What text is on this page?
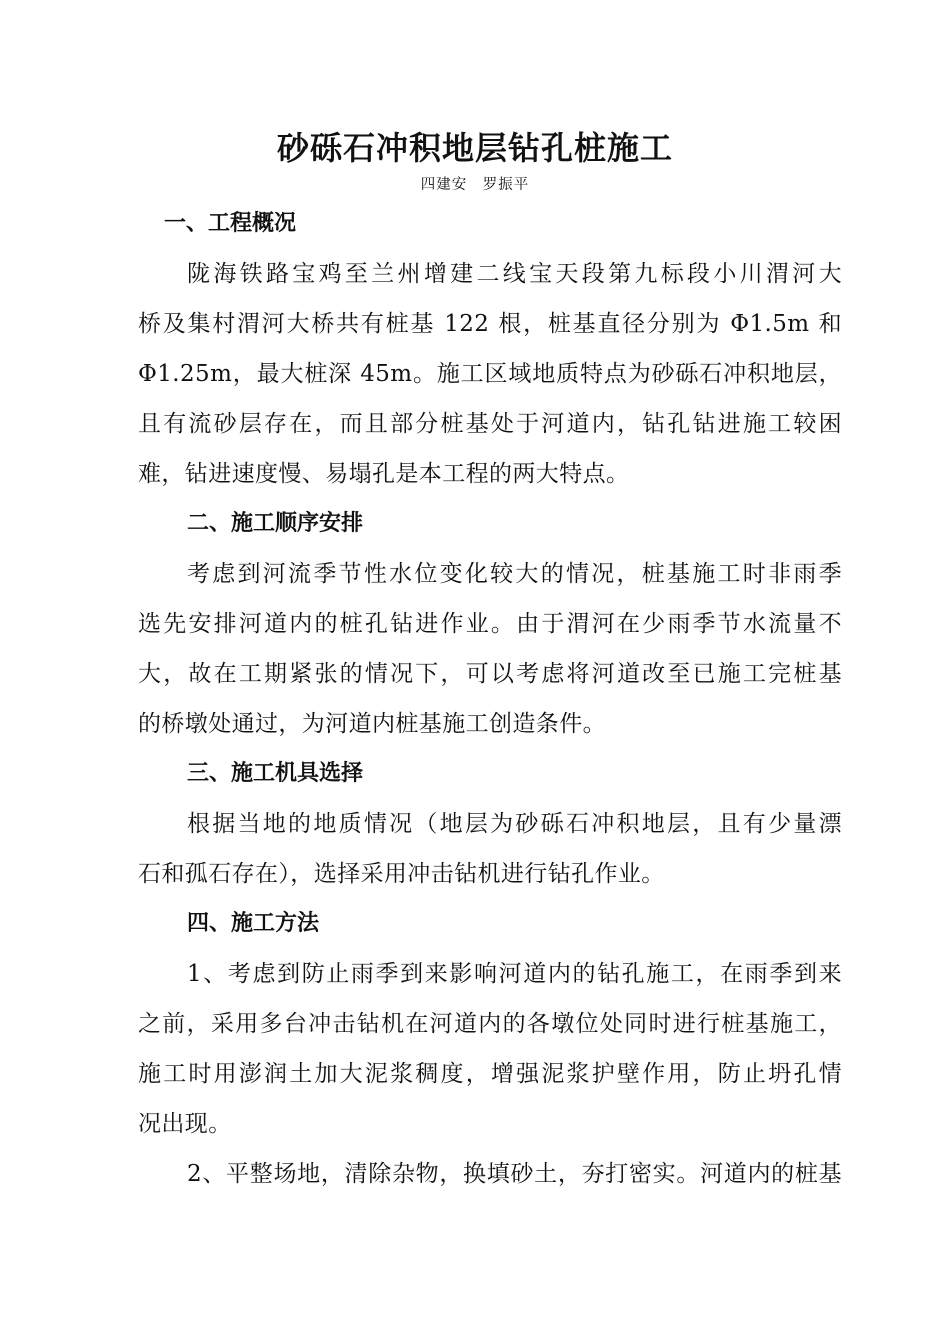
砂砾石冲积地层钻孔桩施工
四建安　罗振平

一、工程概况

陇海铁路宝鸡至兰州增建二线宝天段第九标段小川渭河大
桥及集村渭河大桥共有桩基 122 根，桩基直径分别为 Φ1.5m 和
Φ1.25m，最大桩深 45m。施工区域地质特点为砂砾石冲积地层，
且有流砂层存在，而且部分桩基处于河道内，钻孔钻进施工较困
难，钻进速度慢、易塌孔是本工程的两大特点。

二、施工顺序安排

考虑到河流季节性水位变化较大的情况，桩基施工时非雨季
选先安排河道内的桩孔钻进作业。由于渭河在少雨季节水流量不
大，故在工期紧张的情况下，可以考虑将河道改至已施工完桩基
的桥墩处通过，为河道内桩基施工创造条件。

三、施工机具选择

根据当地的地质情况（地层为砂砾石冲积地层，且有少量漂
石和孤石存在），选择采用冲击钻机进行钻孔作业。

四、施工方法

1、考虑到防止雨季到来影响河道内的钻孔施工，在雨季到来
之前，采用多台冲击钻机在河道内的各墩位处同时进行桩基施工，
施工时用澎润土加大泥浆稠度，增强泥浆护壁作用，防止坍孔情
况出现。
2、平整场地，清除杂物，换填砂土，夯打密实。河道内的桩基
